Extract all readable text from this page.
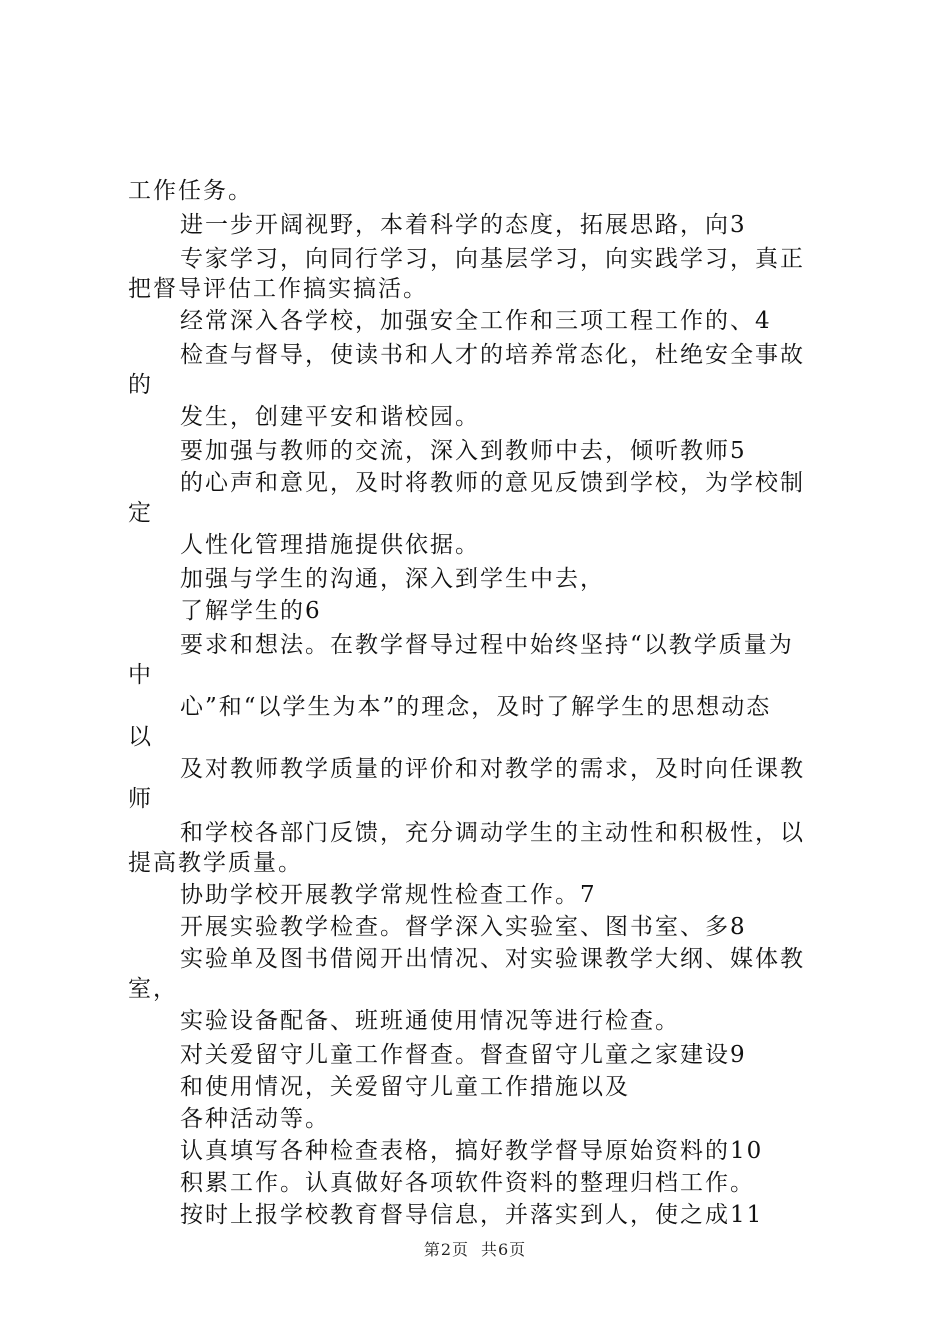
工作任务。
进一步开阔视野，本着科学的态度，拓展思路，向3
专家学习，向同行学习，向基层学习，向实践学习，真正
把督导评估工作搞实搞活。
经常深入各学校，加强安全工作和三项工程工作的、4
检查与督导，使读书和人才的培养常态化，杜绝安全事故
的
发生，创建平安和谐校园。
要加强与教师的交流，深入到教师中去，倾听教师5
的心声和意见，及时将教师的意见反馈到学校，为学校制
定
人性化管理措施提供依据。
加强与学生的沟通，深入到学生中去，
了解学生的6
要求和想法。在教学督导过程中始终坚持“以教学质量为
中
心”和“以学生为本”的理念，及时了解学生的思想动态
以
及对教师教学质量的评价和对教学的需求，及时向任课教
师
和学校各部门反馈，充分调动学生的主动性和积极性，以
提高教学质量。
协助学校开展教学常规性检查工作。7
开展实验教学检查。督学深入实验室、图书室、多8
实验单及图书借阅开出情况、对实验课教学大纲、媒体教
室，
实验设备配备、班班通使用情况等进行检查。
对关爱留守儿童工作督查。督查留守儿童之家建设9
和使用情况，关爱留守儿童工作措施以及
各种活动等。
认真填写各种检查表格，搞好教学督导原始资料的10
积累工作。认真做好各项软件资料的整理归档工作。
按时上报学校教育督导信息，并落实到人，使之成11
第2页 共6页
